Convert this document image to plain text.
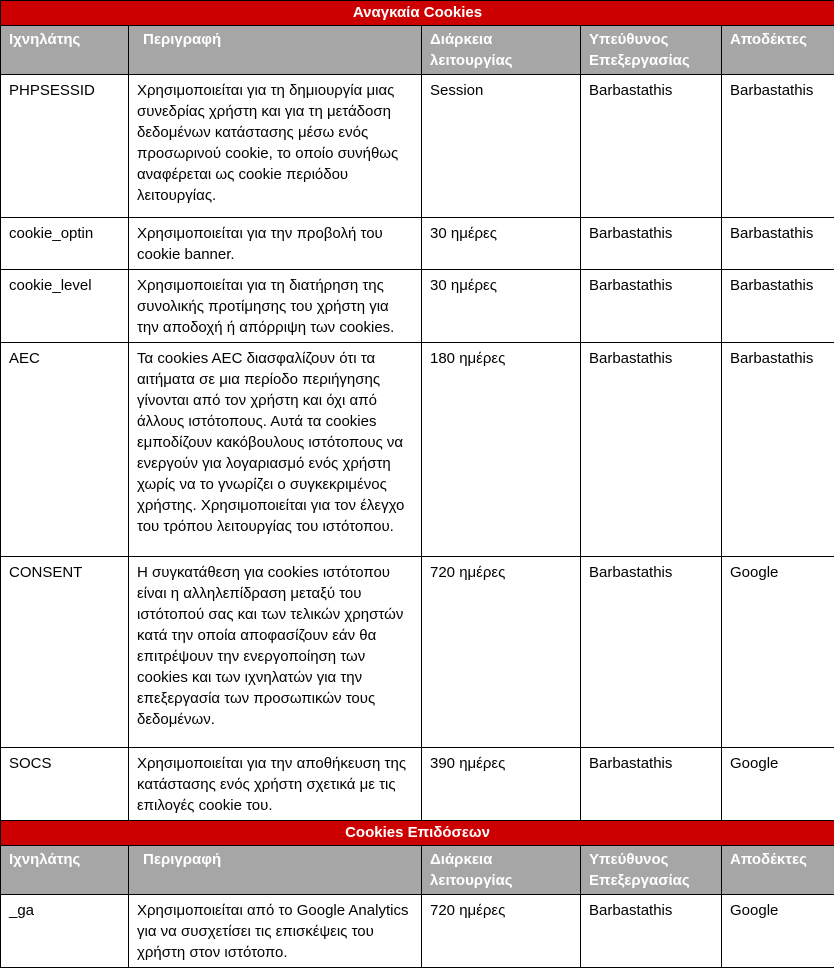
Αναγκαία Cookies				
Ιχνηλάτης	Περιγραφή	Διάρκεια λειτουργίας	Υπεύθυνος Επεξεργασίας	Αποδέκτες
PHPSESSID	Χρησιμοποιείται για τη δημιουργία μιας συνεδρίας χρήστη και για τη μετάδοση δεδομένων κατάστασης μέσω ενός προσωρινού cookie, το οποίο συνήθως αναφέρεται ως cookie περιόδου λειτουργίας.	Session	Barbastathis	Barbastathis
cookie_optin	Χρησιμοποιείται για την προβολή του cookie banner.	30 ημέρες	Barbastathis	Barbastathis
cookie_level	Χρησιμοποιείται για τη διατήρηση της συνολικής προτίμησης του χρήστη για την αποδοχή ή απόρριψη των cookies.	30 ημέρες	Barbastathis	Barbastathis
AEC	Τα cookies AEC διασφαλίζουν ότι τα αιτήματα σε μια περίοδο περιήγησης γίνονται από τον χρήστη και όχι από άλλους ιστότοπους. Αυτά τα cookies εμποδίζουν κακόβουλους ιστότοπους να ενεργούν για λογαριασμό ενός χρήστη χωρίς να το γνωρίζει ο συγκεκριμένος χρήστης. Χρησιμοποιείται για τον έλεγχο του τρόπου λειτουργίας του ιστότοπου.	180 ημέρες	Barbastathis	Barbastathis
CONSENT	Η συγκατάθεση για cookies ιστότοπου είναι η αλληλεπίδραση μεταξύ του ιστότοπού σας και των τελικών χρηστών κατά την οποία αποφασίζουν εάν θα επιτρέψουν την ενεργοποίηση των cookies και των ιχνηλατών για την επεξεργασία των προσωπικών τους δεδομένων.	720 ημέρες	Barbastathis	Google
SOCS	Χρησιμοποιείται για την αποθήκευση της κατάστασης ενός χρήστη σχετικά με τις επιλογές cookie του.	390 ημέρες	Barbastathis	Google
Cookies Επιδόσεων				
Ιχνηλάτης	Περιγραφή	Διάρκεια λειτουργίας	Υπεύθυνος Επεξεργασίας	Αποδέκτες
_ga	Χρησιμοποιείται από το Google Analytics για να συσχετίσει τις επισκέψεις του χρήστη στον ιστότοπο.	720 ημέρες	Barbastathis	Google
